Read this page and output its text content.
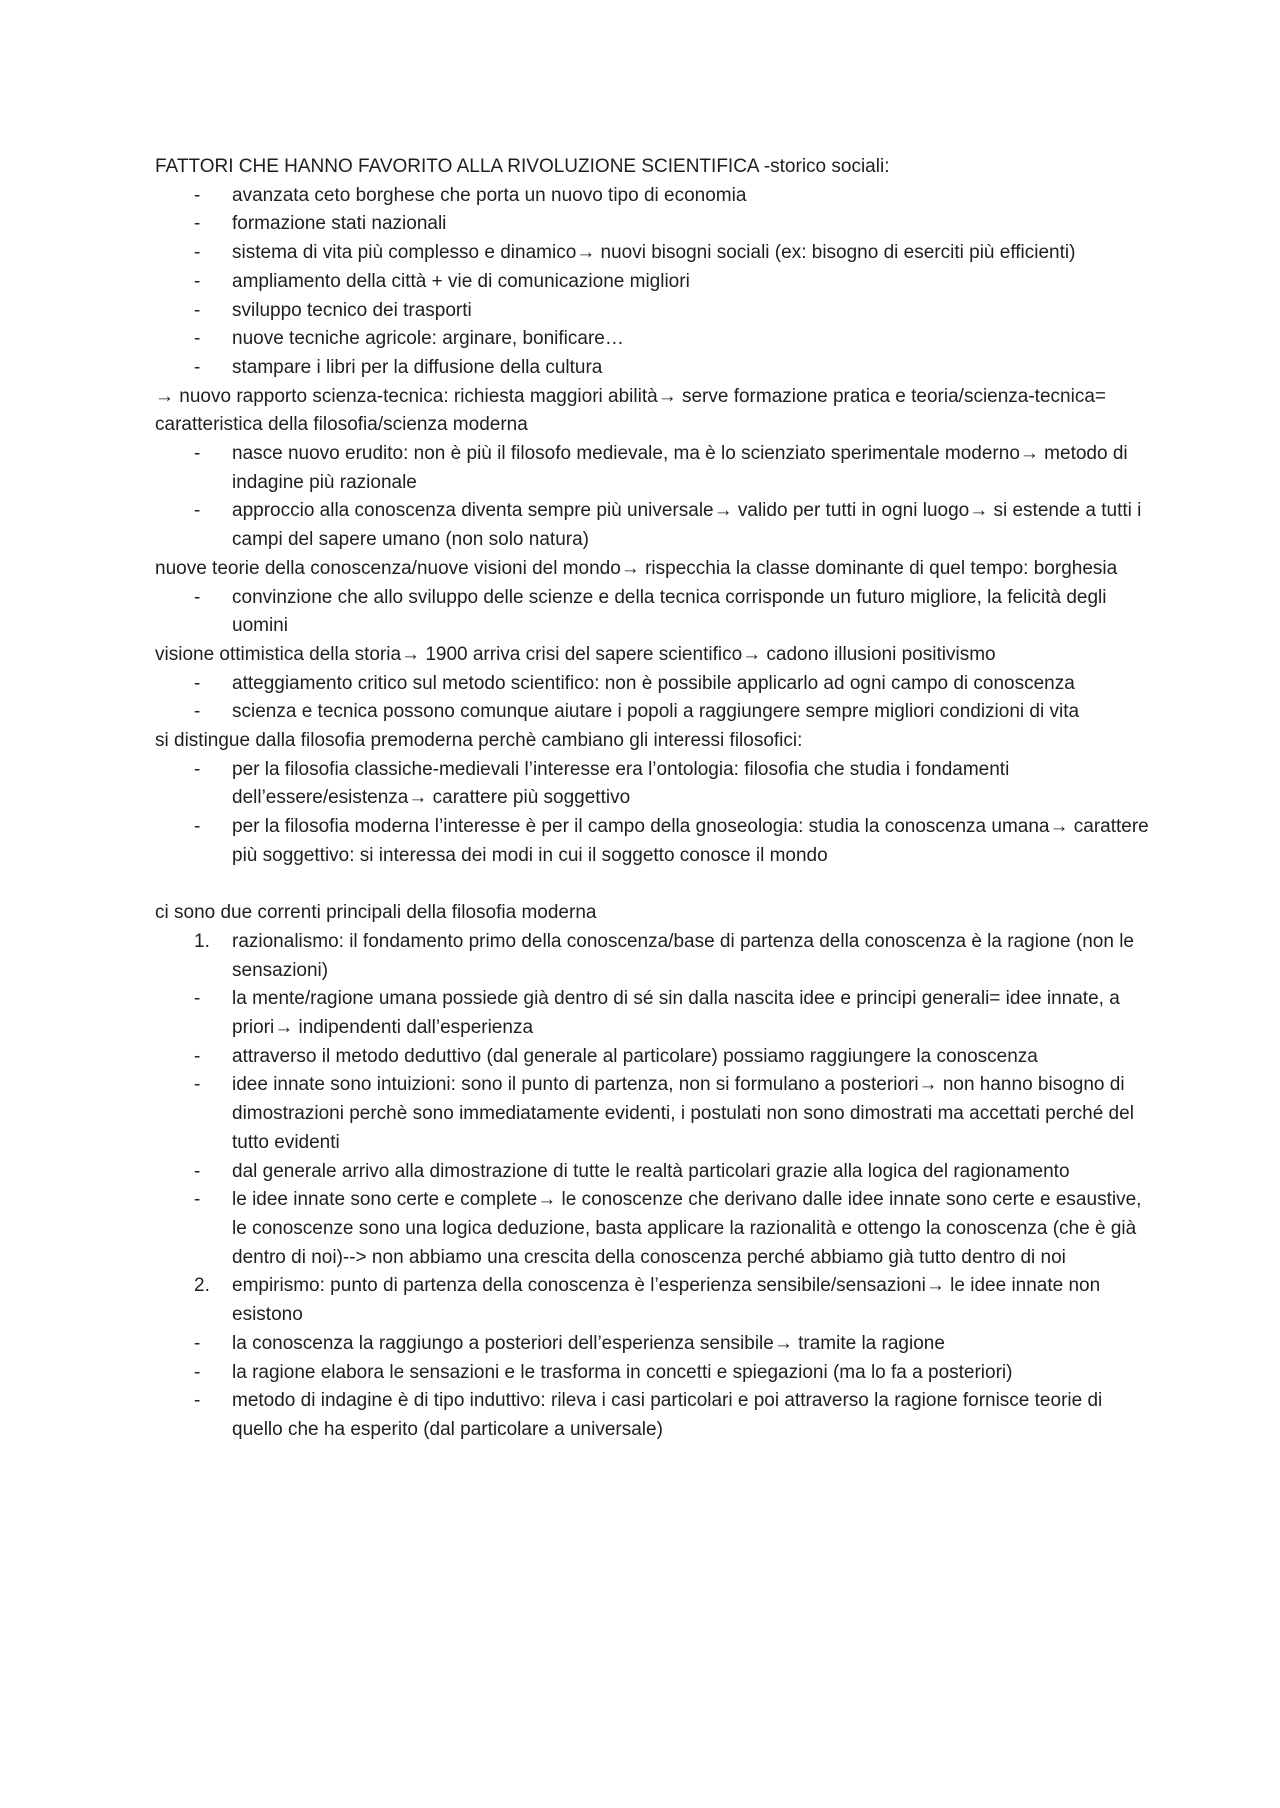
FATTORI CHE HANNO FAVORITO ALLA RIVOLUZIONE SCIENTIFICA -storico sociali:
-	avanzata ceto borghese che porta un nuovo tipo di economia
-	formazione stati nazionali
-	sistema di vita più complesso e dinamico→ nuovi bisogni sociali (ex: bisogno di eserciti più efficienti)
-	ampliamento della città + vie di comunicazione migliori
-	sviluppo tecnico dei trasporti
-	nuove tecniche agricole: arginare, bonificare…
-	stampare i libri per la diffusione della cultura
→ nuovo rapporto scienza-tecnica: richiesta maggiori abilità→ serve formazione pratica e teoria/scienza-tecnica= caratteristica della filosofia/scienza moderna
-	nasce nuovo erudito: non è più il filosofo medievale, ma è lo scienziato sperimentale moderno→ metodo di indagine più razionale
-	approccio alla conoscenza diventa sempre più universale→ valido per tutti in ogni luogo→ si estende a tutti i campi del sapere umano (non solo natura)
nuove teorie della conoscenza/nuove visioni del mondo→ rispecchia la classe dominante di quel tempo: borghesia
-	convinzione che allo sviluppo delle scienze e della tecnica corrisponde un futuro migliore, la felicità degli uomini
visione ottimistica della storia→ 1900 arriva crisi del sapere scientifico→ cadono illusioni positivismo
-	atteggiamento critico sul metodo scientifico: non è possibile applicarlo ad ogni campo di conoscenza
-	scienza e tecnica possono comunque aiutare i popoli a raggiungere sempre migliori condizioni di vita
si distingue dalla filosofia premoderna perchè cambiano gli interessi filosofici:
-	per la filosofia classiche-medievali l’interesse era l’ontologia: filosofia che studia i fondamenti dell’essere/esistenza→ carattere più soggettivo
-	per la filosofia moderna l’interesse è per il campo della gnoseologia: studia la conoscenza umana→ carattere più soggettivo: si interessa dei modi in cui il soggetto conosce il mondo
ci sono due correnti principali della filosofia moderna
1.	razionalismo: il fondamento primo della conoscenza/base di partenza della conoscenza è la ragione (non le sensazioni)
-	la mente/ragione umana possiede già dentro di sé sin dalla nascita idee e principi generali= idee innate, a priori→ indipendenti dall’esperienza
-	attraverso il metodo deduttivo (dal generale al particolare) possiamo raggiungere la conoscenza
-	idee innate sono intuizioni: sono il punto di partenza, non si formulano a posteriori→ non hanno bisogno di dimostrazioni perchè sono immediatamente evidenti, i postulati non sono dimostrati ma accettati perché del tutto evidenti
-	dal generale arrivo alla dimostrazione di tutte le realtà particolari grazie alla logica del ragionamento
-	le idee innate sono certe e complete→ le conoscenze che derivano dalle idee innate sono certe e esaustive, le conoscenze sono una logica deduzione, basta applicare la razionalità e ottengo la conoscenza (che è già dentro di noi)--> non abbiamo una crescita della conoscenza perché abbiamo già tutto dentro di noi
2.	empirismo: punto di partenza della conoscenza è l’esperienza sensibile/sensazioni→ le idee innate non esistono
-	la conoscenza la raggiungo a posteriori dell’esperienza sensibile→ tramite la ragione
-	la ragione elabora le sensazioni e le trasforma in concetti e spiegazioni (ma lo fa a posteriori)
-	metodo di indagine è di tipo induttivo: rileva i casi particolari e poi attraverso la ragione fornisce teorie di quello che ha esperito (dal particolare a universale)
